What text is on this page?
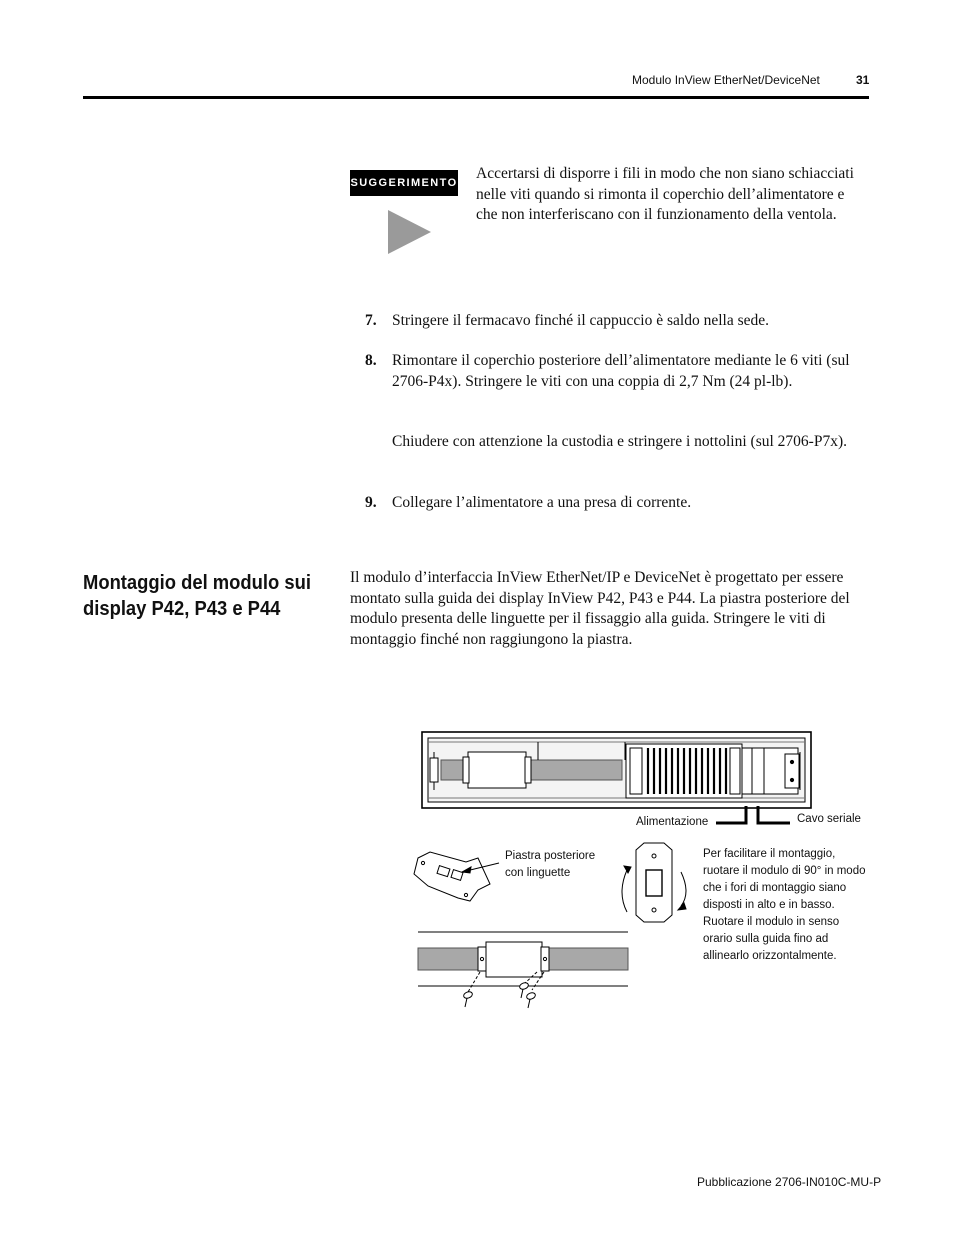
Modulo InView EtherNet/DeviceNet	31
SUGGERIMENTO
Accertarsi di disporre i fili in modo che non siano schiacciati nelle viti quando si rimonta il coperchio dell’alimentatore e che non interferiscano con il funzionamento della ventola.
7. Stringere il fermacavo finché il cappuccio è saldo nella sede.
8. Rimontare il coperchio posteriore dell’alimentatore mediante le 6 viti (sul 2706-P4x). Stringere le viti con una coppia di 2,7 Nm (24 pl-lb).
Chiudere con attenzione la custodia e stringere i nottolini (sul 2706-P7x).
9. Collegare l’alimentatore a una presa di corrente.
Montaggio del modulo sui display P42, P43 e P44
Il modulo d’interfaccia InView EtherNet/IP e DeviceNet è progettato per essere montato sulla guida dei display InView P42, P43 e P44. La piastra posteriore del modulo presenta delle linguette per il fissaggio alla guida. Stringere le viti di montaggio finché non raggiungono la piastra.
Alimentazione	Cavo seriale
Piastra posteriore con linguette
Per facilitare il montaggio, ruotare il modulo di 90° in modo che i fori di montaggio siano disposti in alto e in basso. Ruotare il modulo in senso orario sulla guida fino ad allinearlo orizzontalmente.
Pubblicazione 2706-IN010C-MU-P
